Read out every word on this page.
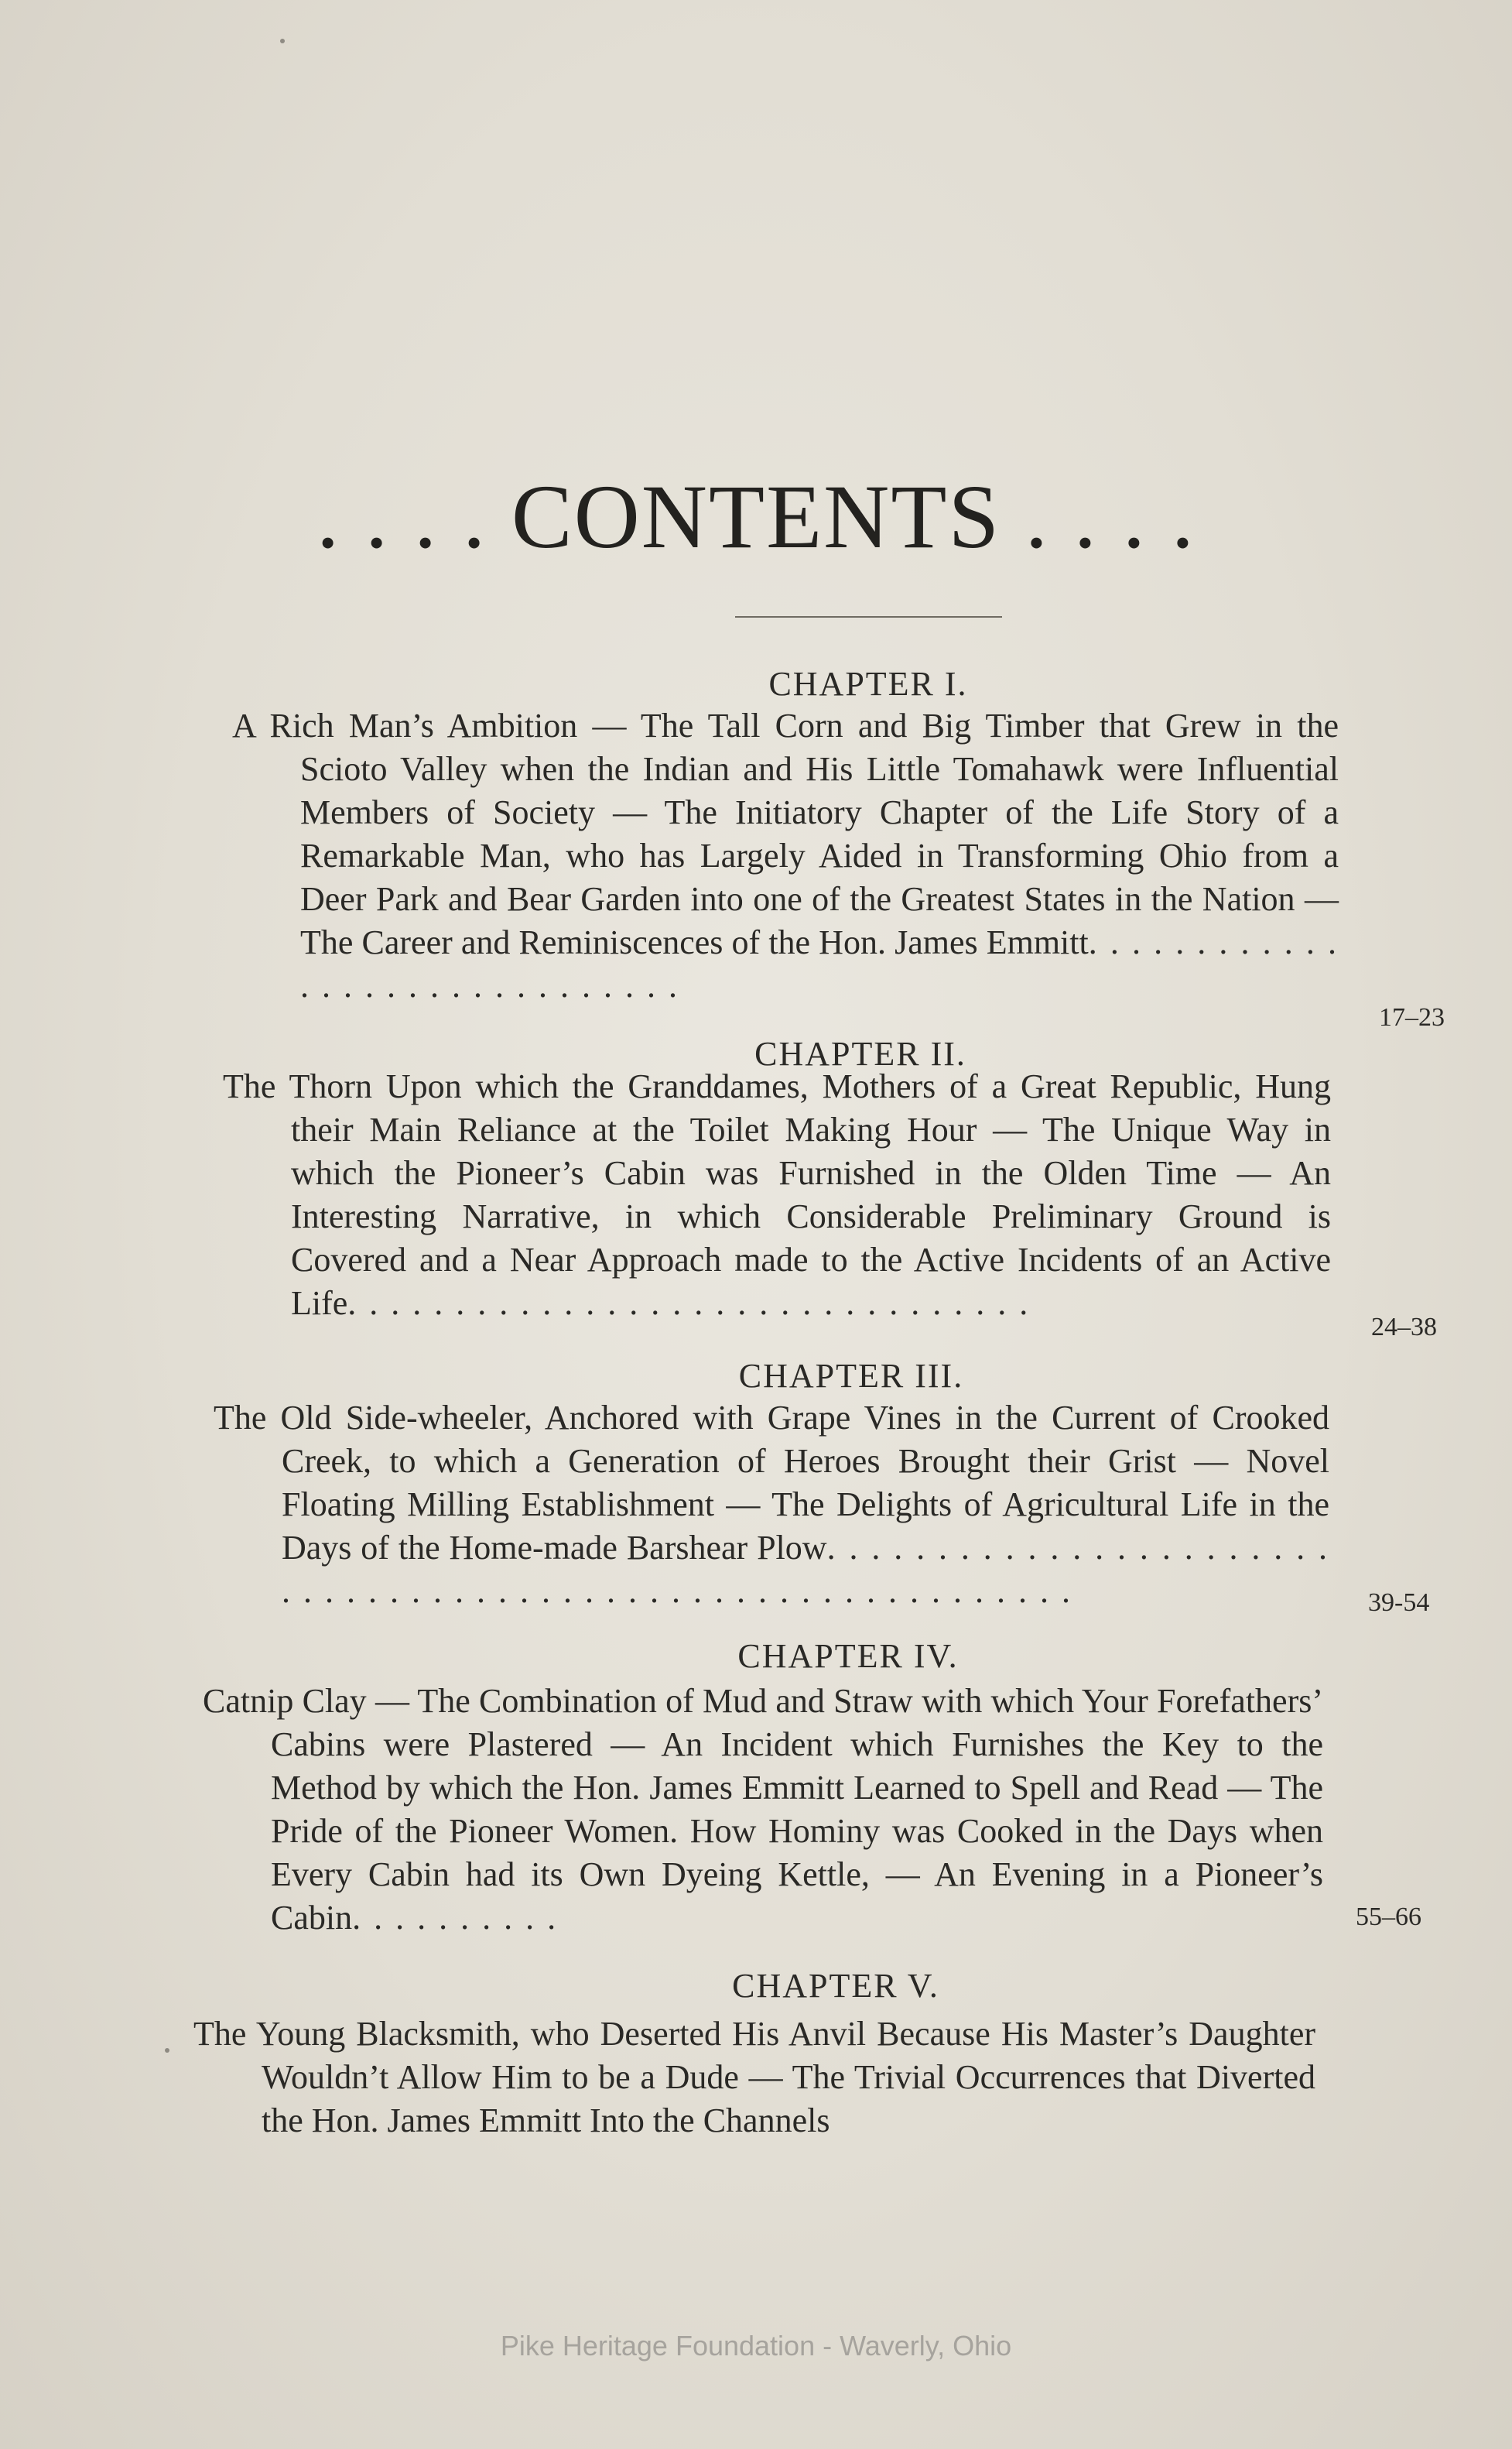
. . . . CONTENTS . . . .
CHAPTER I.
A Rich Man’s Ambition — The Tall Corn and Big Timber that Grew in the Scioto Valley when the Indian and His Little Tomahawk were Influential Members of Society — The Initiatory Chapter of the Life Story of a Remarkable Man, who has Largely Aided in Transforming Ohio from a Deer Park and Bear Garden into one of the Greatest States in the Nation — The Career and Reminiscences of the Hon. James Emmitt. . . . . . . . . . . . . . . . . . . . . . . . . . . . . .
17–23
CHAPTER II.
The Thorn Upon which the Granddames, Mothers of a Great Republic, Hung their Main Reliance at the Toilet Making Hour — The Unique Way in which the Pioneer’s Cabin was Furnished in the Olden Time — An Interesting Narrative, in which Considerable Preliminary Ground is Covered and a Near Approach made to the Active Incidents of an Active Life. . . . . . . . . . . . . . . . . . . . . . . . . . . . . . . .
24–38
CHAPTER III.
The Old Side-wheeler, Anchored with Grape Vines in the Current of Crooked Creek, to which a Generation of Heroes Brought their Grist — Novel Floating Milling Establishment — The Delights of Agricultural Life in the Days of the Home-made Barshear Plow. . . . . . . . . . . . . . . . . . . . . . . . . . . . . . . . . . . . . . . . . . . . . . . . . . . . . . . . . . . .	39-54
CHAPTER IV.
Catnip Clay — The Combination of Mud and Straw with which Your Forefathers’ Cabins were Plastered — An Incident which Furnishes the Key to the Method by which the Hon. James Emmitt Learned to Spell and Read — The Pride of the Pioneer Women. How Hominy was Cooked in the Days when Every Cabin had its Own Dyeing Kettle, — An Evening in a Pioneer’s Cabin. . . . . . . . . .	55–66
CHAPTER V.
The Young Blacksmith, who Deserted His Anvil Because His Master’s Daughter Wouldn’t Allow Him to be a Dude — The Trivial Occurrences that Diverted the Hon. James Emmitt Into the Channels
Pike Heritage Foundation - Waverly, Ohio
